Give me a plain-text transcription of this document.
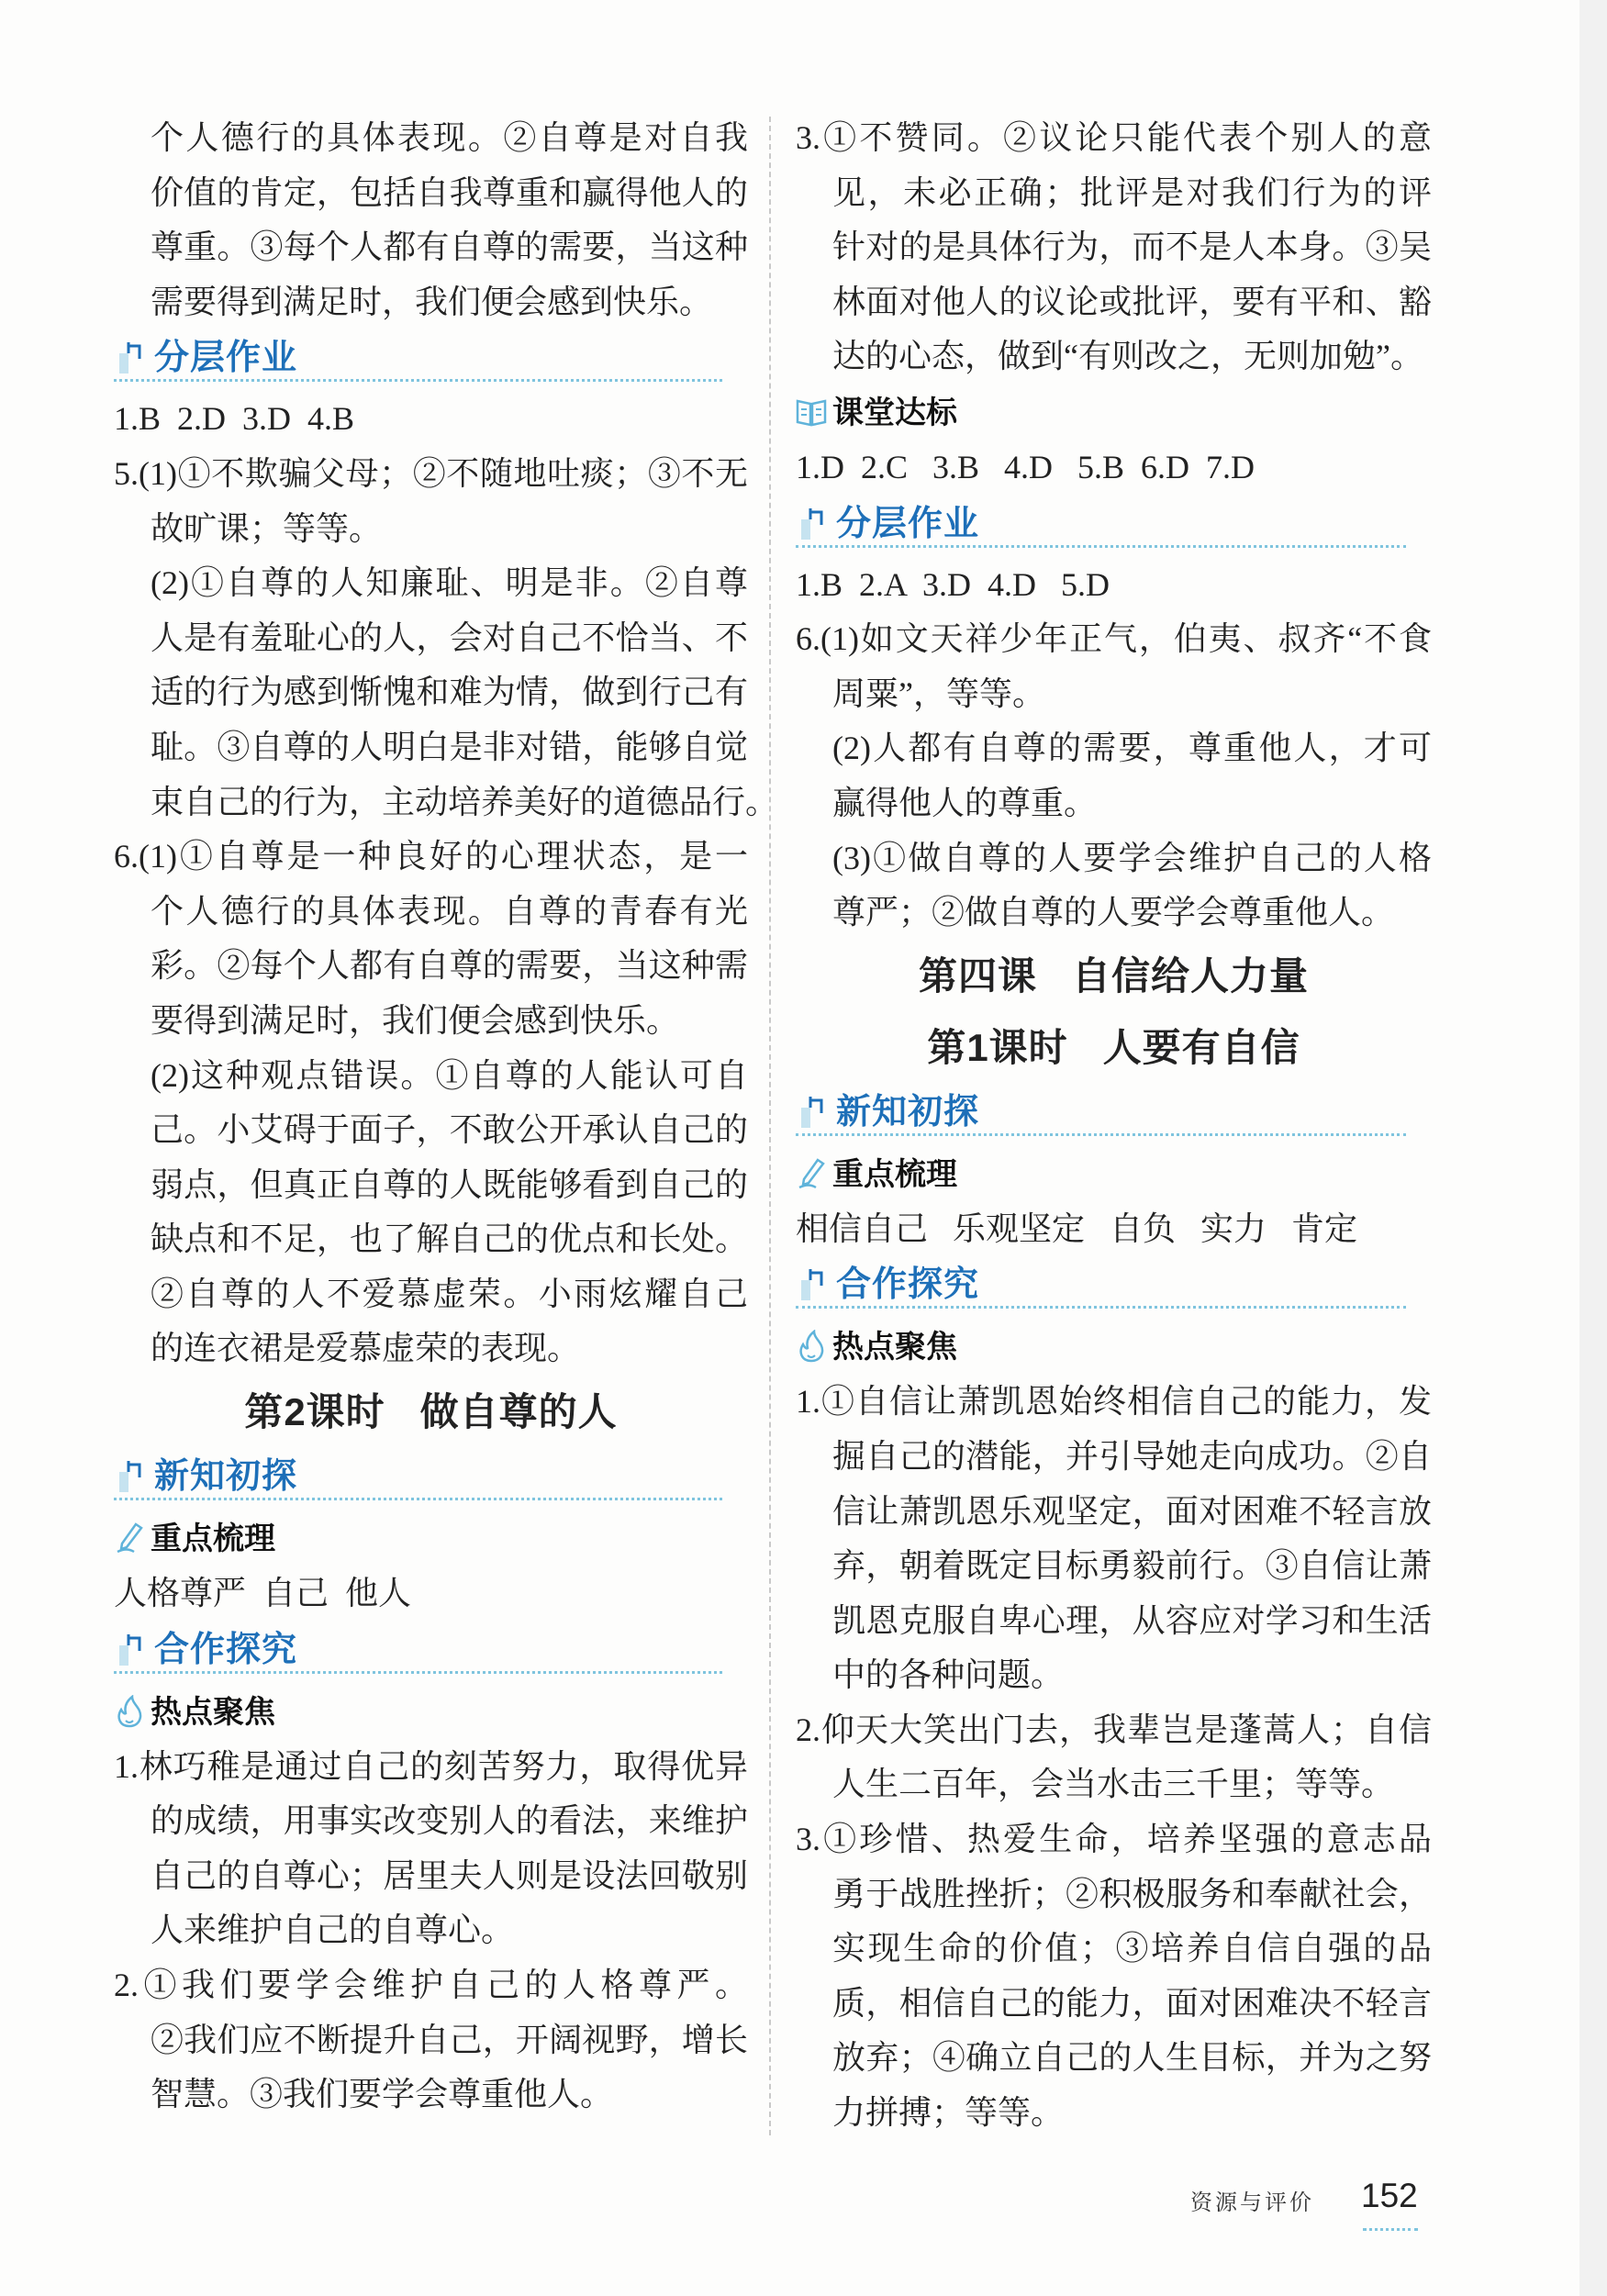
个人德行的具体表现。②自尊是对自我
价值的肯定，包括自我尊重和赢得他人的
尊重。③每个人都有自尊的需要，当这种
需要得到满足时，我们便会感到快乐。
分层作业
1.B  2.D  3.D  4.B
5.(1)①不欺骗父母；②不随地吐痰；③不无
故旷课；等等。
(2)①自尊的人知廉耻、明是非。②自尊
人是有羞耻心的人，会对自己不恰当、不
适的行为感到惭愧和难为情，做到行己有
耻。③自尊的人明白是非对错，能够自觉
束自己的行为，主动培养美好的道德品行。
6.(1)①自尊是一种良好的心理状态，是一
个人德行的具体表现。自尊的青春有光
彩。②每个人都有自尊的需要，当这种需
要得到满足时，我们便会感到快乐。
(2)这种观点错误。①自尊的人能认可自
己。小艾碍于面子，不敢公开承认自己的
弱点，但真正自尊的人既能够看到自己的
缺点和不足，也了解自己的优点和长处。
②自尊的人不爱慕虚荣。小雨炫耀自己
的连衣裙是爱慕虚荣的表现。
第2课时   做自尊的人
新知初探
重点梳理
人格尊严  自己  他人
合作探究
热点聚焦
1.林巧稚是通过自己的刻苦努力，取得优异
的成绩，用事实改变别人的看法，来维护
自己的自尊心；居里夫人则是设法回敬别
人来维护自己的自尊心。
2.①我们要学会维护自己的人格尊严。
②我们应不断提升自己，开阔视野，增长
智慧。③我们要学会尊重他人。
3.①不赞同。②议论只能代表个别人的意
见，未必正确；批评是对我们行为的评
针对的是具体行为，而不是人本身。③吴
林面对他人的议论或批评，要有平和、豁
达的心态，做到“有则改之，无则加勉”。
课堂达标
1.D  2.C   3.B   4.D   5.B  6.D  7.D
分层作业
1.B  2.A  3.D  4.D   5.D
6.(1)如文天祥少年正气，伯夷、叔齐“不食
周粟”，等等。
(2)人都有自尊的需要，尊重他人，才可
赢得他人的尊重。
(3)①做自尊的人要学会维护自己的人格
尊严；②做自尊的人要学会尊重他人。
第四课   自信给人力量
第1课时   人要有自信
新知初探
重点梳理
相信自己   乐观坚定   自负   实力   肯定
合作探究
热点聚焦
1.①自信让萧凯恩始终相信自己的能力，发
掘自己的潜能，并引导她走向成功。②自
信让萧凯恩乐观坚定，面对困难不轻言放
弃，朝着既定目标勇毅前行。③自信让萧
凯恩克服自卑心理，从容应对学习和生活
中的各种问题。
2.仰天大笑出门去，我辈岂是蓬蒿人；自信
人生二百年，会当水击三千里；等等。
3.①珍惜、热爱生命，培养坚强的意志品
勇于战胜挫折；②积极服务和奉献社会，
实现生命的价值；③培养自信自强的品
质，相信自己的能力，面对困难决不轻言
放弃；④确立自己的人生目标，并为之努
力拼搏；等等。
资源与评价 152
